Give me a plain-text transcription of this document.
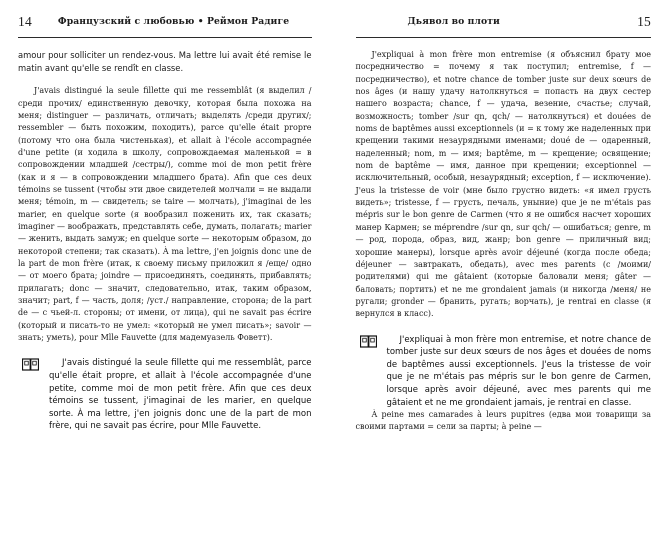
14	Французский с любовью • Реймон Радиге

amour pour solliciter un rendez-vous. Ma lettre lui avait été remise le matin avant qu'elle se rendît en classe.

J'avais distingué la seule fillette qui me ressemblât (я выделил /среди прочих/ единственную девочку, которая была похожа на меня; distinguer — различать, отличать; выделять /среди других/; ressembler — быть похожим, походить), parce qu'elle était propre (потому что она была чистенькая), et allait à l'école accompagnée d'une petite (и ходила в школу, сопровождаемая маленькой = в сопровождении младшей /сестры/), comme moi de mon petit frère (как и я — в сопровождении младшего брата). Afin que ces deux témoins se tussent (чтобы эти двое свидетелей молчали = не выдали меня; témoin, m — свидетель; se taire — молчать), j'imaginai de les marier, en quelque sorte (я вообразил поженить их, так сказать; imaginer — воображать, представлять себе, думать, полагать; marier — женить, выдать замуж; en quelque sorte — некоторым образом, до некоторой степени; так сказать). À ma lettre, j'en joignis donc une de la part de mon frère (итак, к своему письму приложил я /еще/ одно — от моего брата; joindre — присоединять, соединять, прибавлять; прилагать; donc — значит, следовательно, итак, таким образом, значит; part, f — часть, доля; /уст./ направление, сторона; de la part de — с чьей-л. стороны; от имени, от лица), qui ne savait pas écrire (который и писать-то не умел: «который не умел писать»; savoir — знать; уметь), pour Mlle Fauvette (для мадемуазель Фоветт).

J'avais distingué la seule fillette qui me ressemblât, parce qu'elle était propre, et allait à l'école accompagnée d'une petite, comme moi de mon petit frère. Afin que ces deux témoins se tussent, j'imaginai de les marier, en quelque sorte. À ma lettre, j'en joignis donc une de la part de mon frère, qui ne savait pas écrire, pour Mlle Fauvette.

Дьявол во плоти	15

J'expliquai à mon frère mon entremise (я объяснил брату мое посредничество = почему я так поступил; entremise, f — посредничество), et notre chance de tomber juste sur deux sœurs de nos âges (и нашу удачу натолкнуться = попасть на двух сестер нашего возраста; chance, f — удача, везение, счастье; случай, возможность; tomber /sur qn, qch/ — натолкнуться) et douées de noms de baptêmes aussi exceptionnels (и = к тому же наделенных при крещении такими незаурядными именами; doué de — одаренный, наделенный; nom, m — имя; baptême, m — крещение; освящение; nom de baptême — имя, данное при крещении; exceptionnel — исключительный, особый, незаурядный; exception, f — исключение). J'eus la tristesse de voir (мне было грустно видеть: «я имел грусть видеть»; tristesse, f — грусть, печаль, уныние) que je ne m'étais pas mépris sur le bon genre de Carmen (что я не ошибся насчет хороших манер Кармен; se méprendre /sur qn, sur qch/ — ошибаться; genre, m — род, порода, образ, вид, жанр; bon genre — приличный вид; хорошие манеры), lorsque après avoir déjeuné (когда после обеда; déjeuner — завтракать, обедать), avec mes parents (с /моими/ родителями) qui me gâtaient (которые баловали меня; gâter — баловать; портить) et ne me grondaient jamais (и никогда /меня/ не ругали; gronder — бранить, ругать; ворчать), je rentrai en classe (я вернулся в класс).

J'expliquai à mon frère mon entremise, et notre chance de tomber juste sur deux sœurs de nos âges et douées de noms de baptêmes aussi exceptionnels. J'eus la tristesse de voir que je ne m'étais pas mépris sur le bon genre de Carmen, lorsque après avoir déjeuné, avec mes parents qui me gâtaient et ne me grondaient jamais, je rentrai en classe.

À peine mes camarades à leurs pupitres (едва мои товарищи за своими партами = сели за парты; à peine —
